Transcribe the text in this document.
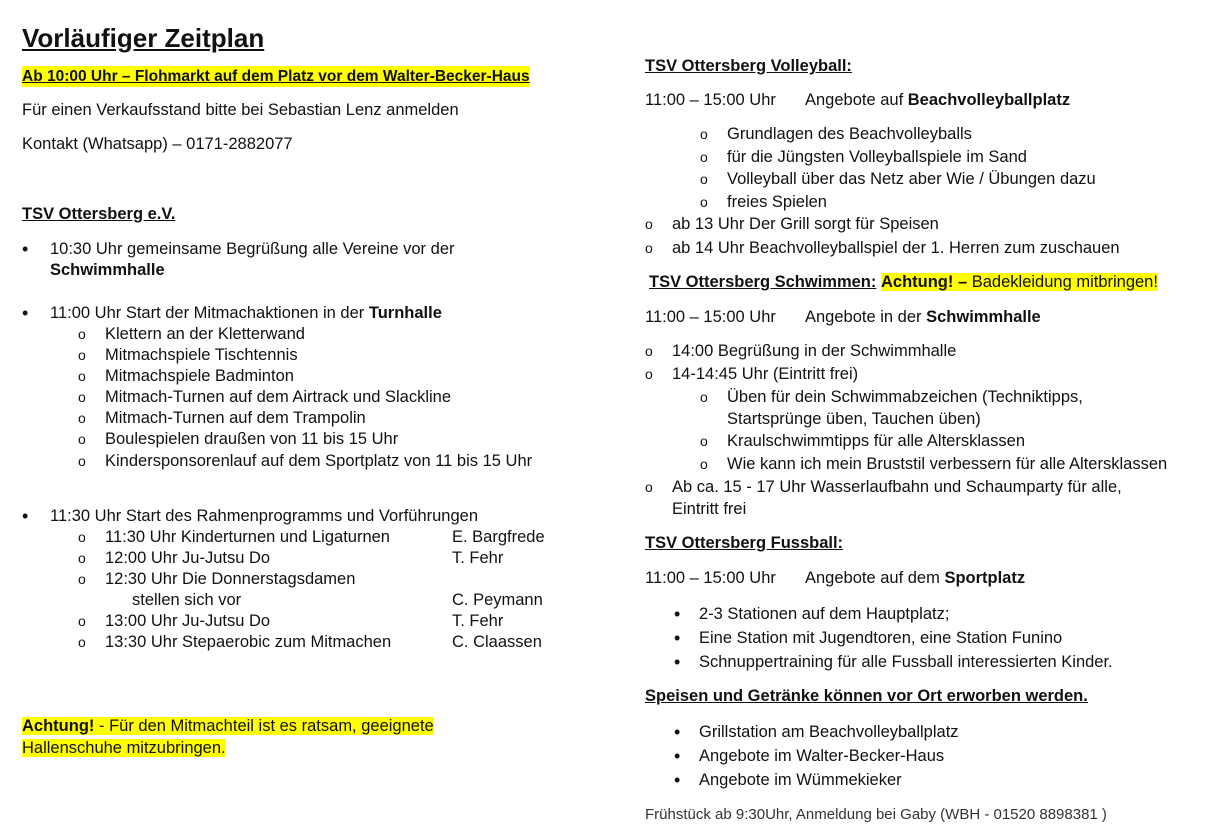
Vorläufiger Zeitplan
Ab 10:00 Uhr – Flohmarkt auf dem Platz vor dem Walter-Becker-Haus
Für einen Verkaufsstand bitte bei Sebastian Lenz anmelden
Kontakt (Whatsapp) – 0171-2882077
TSV Ottersberg e.V.
• 10:30 Uhr gemeinsame Begrüßung alle Vereine vor der
Schwimmhalle
• 11:00 Uhr Start der Mitmachaktionen in der Turnhalle
o Klettern an der Kletterwand
o Mitmachspiele Tischtennis
o Mitmachspiele Badminton
o Mitmach-Turnen auf dem Airtrack und Slackline
o Mitmach-Turnen auf dem Trampolin
o Boulespielen draußen von 11 bis 15 Uhr
o Kindersponsorenlauf auf dem Sportplatz von 11 bis 15 Uhr
• 11:30 Uhr Start des Rahmenprogramms und Vorführungen
o 11:30 Uhr Kinderturnen und Ligaturnen	E. Bargfrede
o 12:00 Uhr Ju-Jutsu Do	T. Fehr
o 12:30 Uhr Die Donnerstagsdamen
stellen sich vor	C. Peymann
o 13:00 Uhr Ju-Jutsu Do	T. Fehr
o 13:30 Uhr Stepaerobic zum Mitmachen	C. Claassen
Achtung! - Für den Mitmachteil ist es ratsam, geeignete
Hallenschuhe mitzubringen.
TSV Ottersberg Volleyball:
11:00 – 15:00 Uhr Angebote auf Beachvolleyballplatz
o Grundlagen des Beachvolleyballs
o für die Jüngsten Volleyballspiele im Sand
o Volleyball über das Netz aber Wie / Übungen dazu
o freies Spielen
o ab 13 Uhr Der Grill sorgt für Speisen
o ab 14 Uhr Beachvolleyballspiel der 1. Herren zum zuschauen
TSV Ottersberg Schwimmen: Achtung! – Badekleidung mitbringen!
11:00 – 15:00 Uhr Angebote in der Schwimmhalle
o 14:00 Begrüßung in der Schwimmhalle
o 14-14:45 Uhr (Eintritt frei)
o Üben für dein Schwimmabzeichen (Techniktipps,
Startsprünge üben, Tauchen üben)
o Kraulschwimmtipps für alle Altersklassen
o Wie kann ich mein Bruststil verbessern für alle Altersklassen
o Ab ca. 15 - 17 Uhr Wasserlaufbahn und Schaumparty für alle,
Eintritt frei
TSV Ottersberg Fussball:
11:00 – 15:00 Uhr Angebote auf dem Sportplatz
• 2-3 Stationen auf dem Hauptplatz;
• Eine Station mit Jugendtoren, eine Station Funino
• Schnuppertraining für alle Fussball interessierten Kinder.
Speisen und Getränke können vor Ort erworben werden.
• Grillstation am Beachvolleyballplatz
• Angebote im Walter-Becker-Haus
• Angebote im Wümmekieker
Frühstück ab 9:30Uhr, Anmeldung bei Gaby (WBH - 01520 8898381 )
